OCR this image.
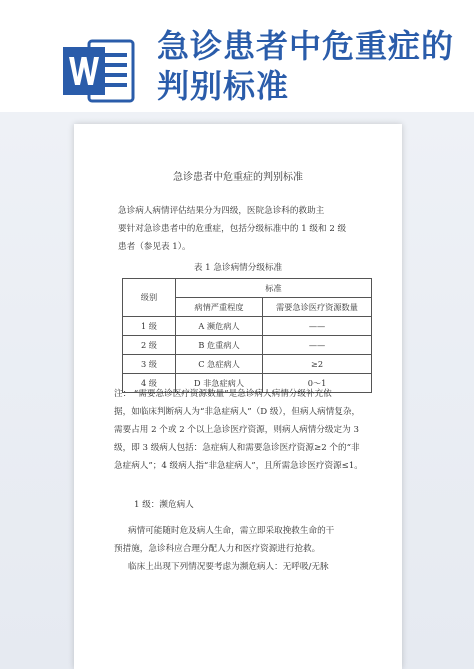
急诊患者中危重症的判别标准
急诊患者中危重症的判别标准
急诊病人病情评估结果分为四级，医院急诊科的救助主
要针对急诊患者中的危重症，包括分级标准中的 1 级和 2 级
患者（参见表 1）。
表 1 急诊病情分级标准
级别	标准	
	病情严重程度	需要急诊医疗资源数量
1 级	A 濒危病人	——
2 级	B 危重病人	——
3 级	C 急症病人	≥2
4 级	D 非急症病人	0～1
注： “需要急诊医疗资源数量”是急诊病人病情分级补充依
据，如临床判断病人为“非急症病人”（D 级），但病人病情复杂，
需要占用 2 个或 2 个以上急诊医疗资源，则病人病情分级定为 3
级，即 3 级病人包括：急症病人和需要急诊医疗资源≥2 个的“非
急症病人”；4 级病人指“非急症病人”，且所需急诊医疗资源≤1。
1 级：濒危病人
病情可能随时危及病人生命，需立即采取挽救生命的干
预措施，急诊科应合理分配人力和医疗资源进行抢救。
临床上出现下列情况要考虑为濒危病人：无呼吸/无脉
